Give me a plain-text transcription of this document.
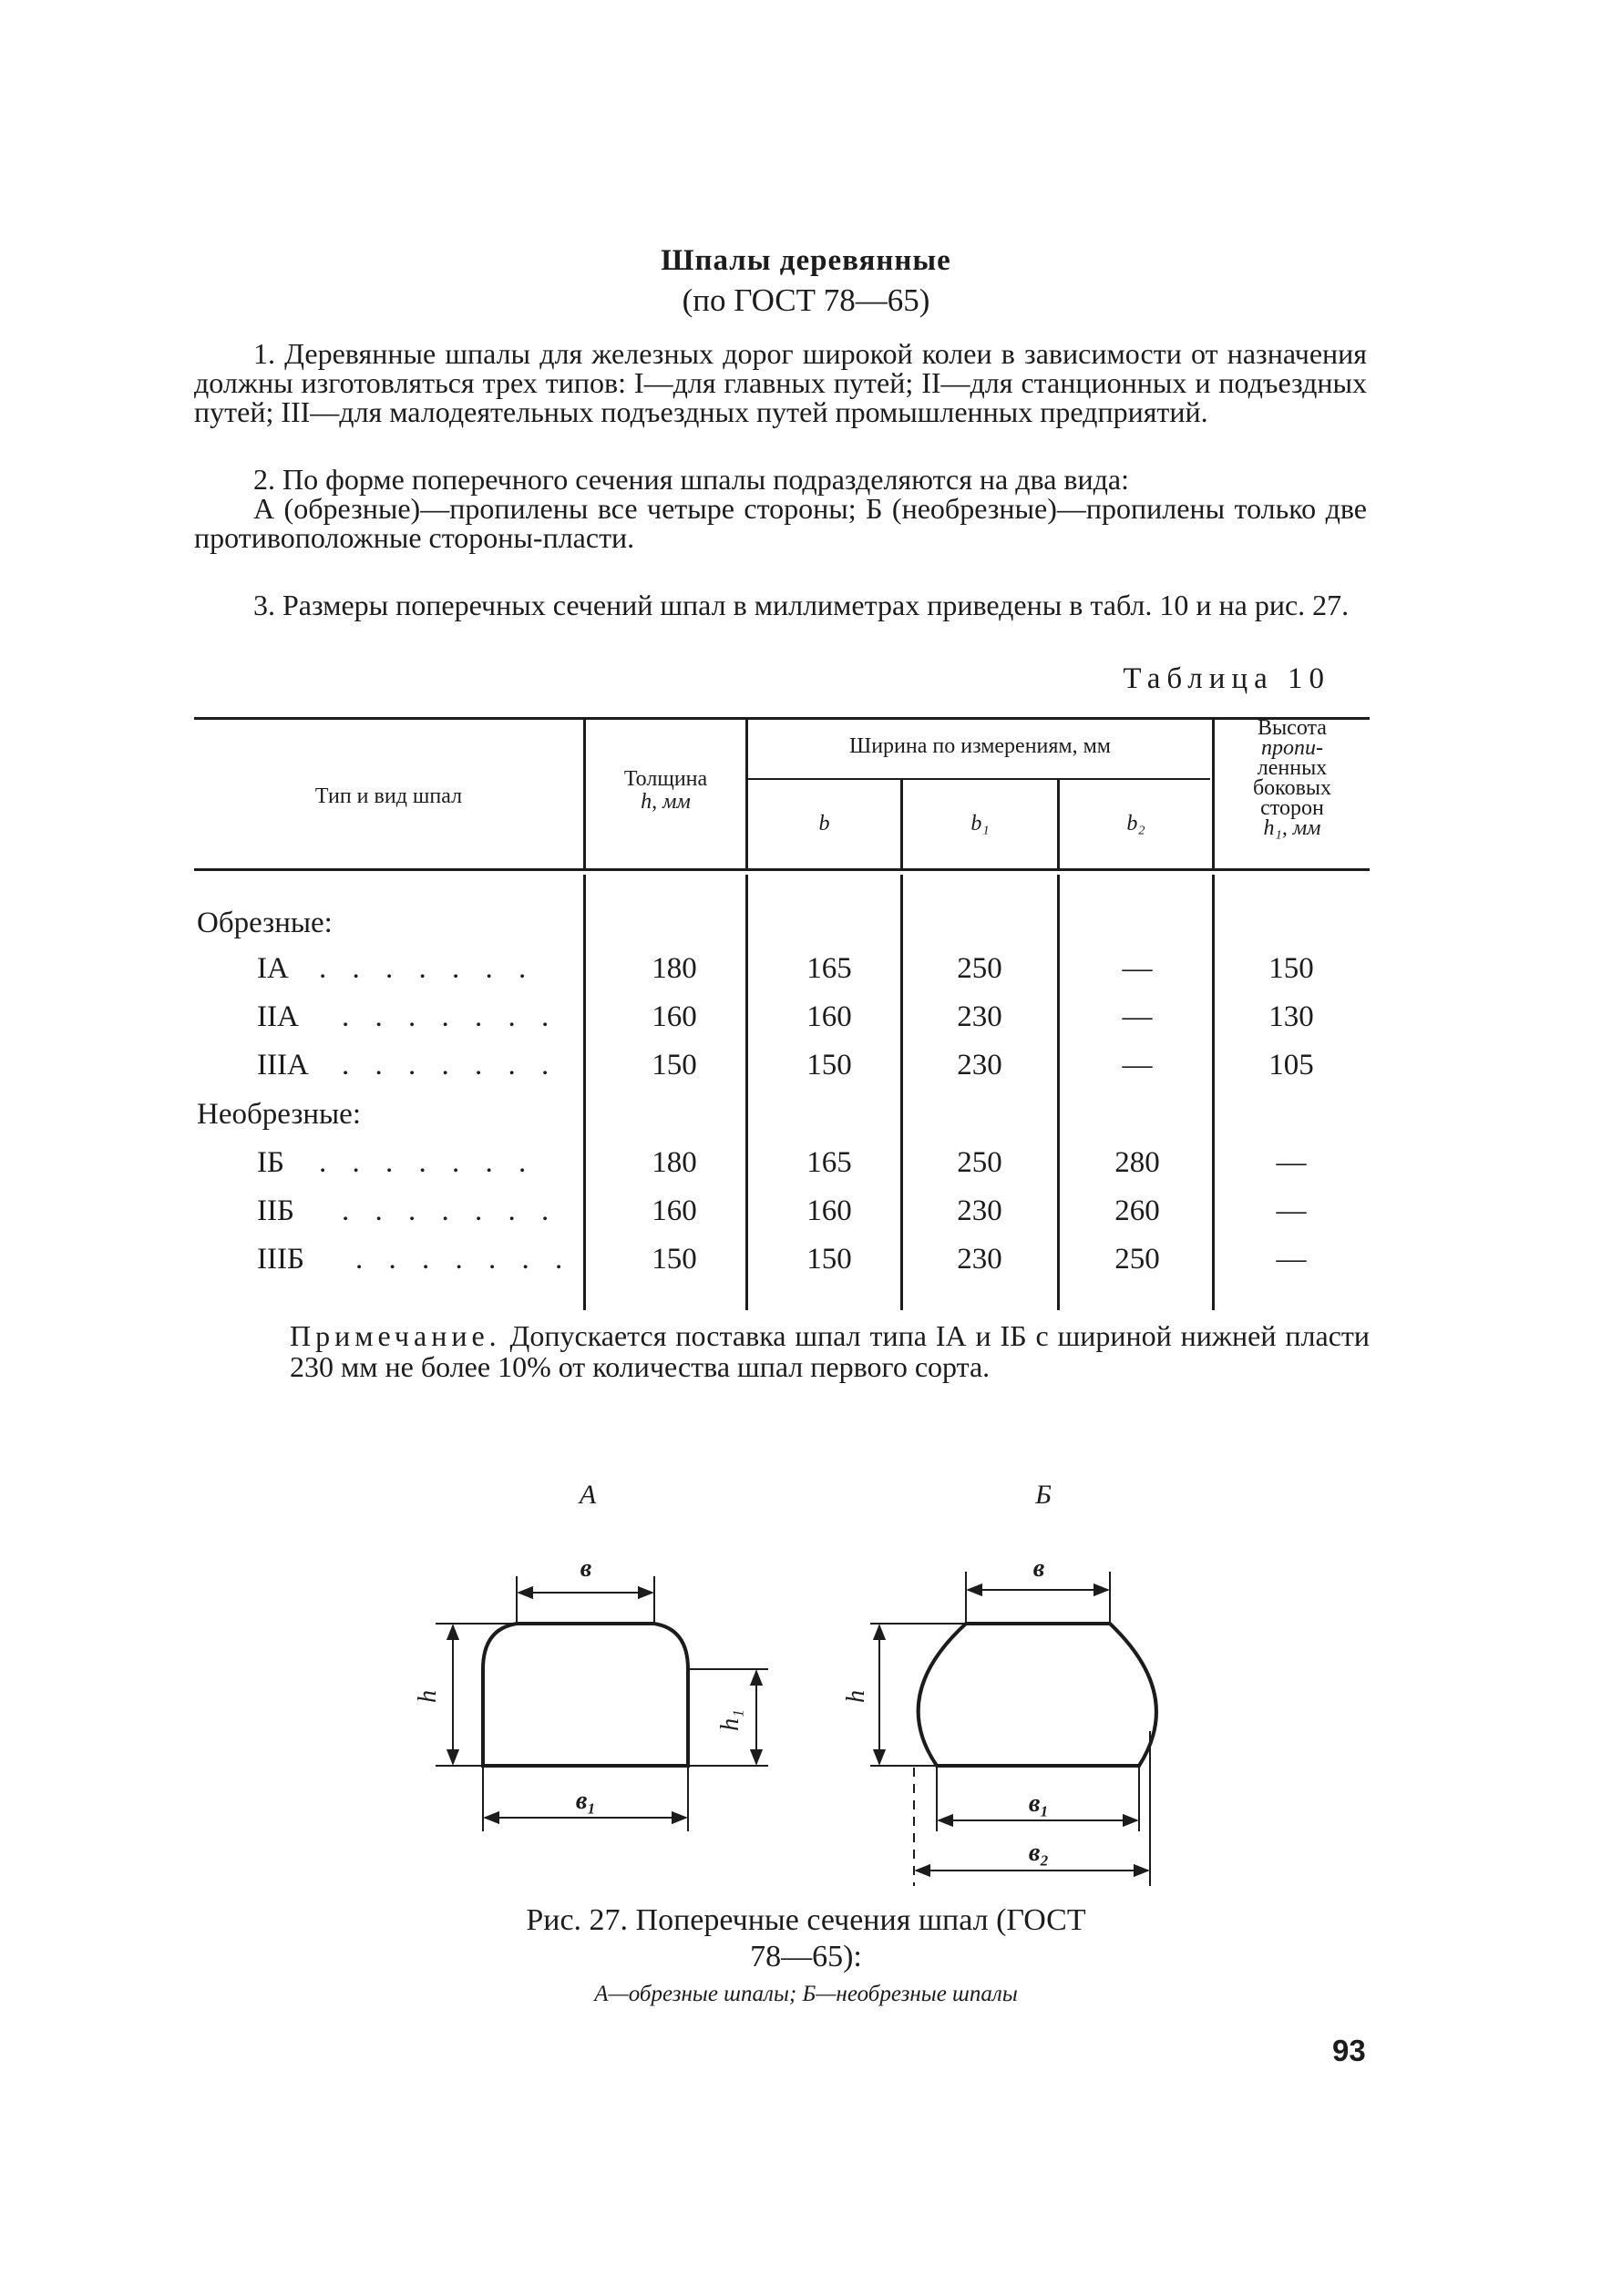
Шпалы деревянные
(по ГОСТ 78—65)

1. Деревянные шпалы для железных дорог широкой колеи в зависимости от назначения должны изготовляться трех типов: I—для главных путей; II—для станционных и подъездных путей; III—для малодеятельных подъездных путей промышленных предприятий.

2. По форме поперечного сечения шпалы подразделяются на два вида:

А (обрезные)—пропилены все четыре стороны; Б (необрезные)—пропилены только две противоположные стороны-пласти.

3. Размеры поперечных сечений шпал в миллиметрах приведены в табл. 10 и на рис. 27.

Таблица 10
Тип и вид шпал
Толщина
h, мм
Ширина по измерениям, мм
b	b₁	b₂
Высота
пропи-
ленных
боковых
сторон
h₁, мм
Обрезные:
IА . . . . . . .	180	165	250	—	150
IIА . . . . . . .	160	160	230	—	130
IIIА . . . . . . .	150	150	230	—	105
Необрезные:
IБ . . . . . . .	180	165	250	280	—
IIБ . . . . . . .	160	160	230	260	—
IIIБ . . . . . . .	150	150	230	250	—
Примечание. Допускается поставка шпал типа IА и IБ с шириной нижней пласти 230 мм не более 10% от количества шпал первого сорта.
А	Б
в
в₁
h
h₁
в
в₁
в₂
h
Рис. 27. Поперечные сечения шпал (ГОСТ
78—65):
А—обрезные шпалы; Б—необрезные шпалы
93
